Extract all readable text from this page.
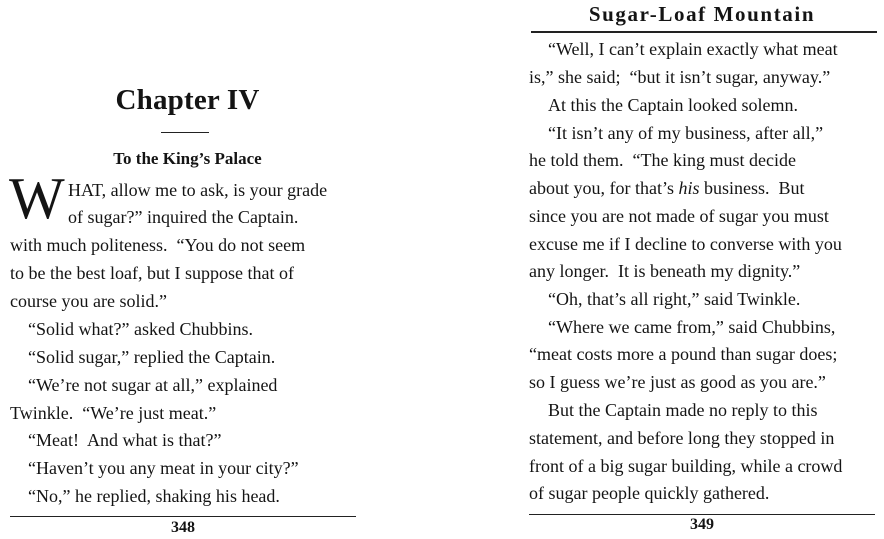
Chapter IV
To the King’s Palace
W HAT, allow me to ask, is your grade
of sugar?” inquired the Captain.
with much politeness.  “You do not seem
to be the best loaf, but I suppose that of
course you are solid.”
“Solid what?” asked Chubbins.
“Solid sugar,” replied the Captain.
“We’re not sugar at all,” explained
Twinkle.  “We’re just meat.”
“Meat!  And what is that?”
“Haven’t you any meat in your city?”
“No,” he replied, shaking his head.
348
Sugar-Loaf Mountain
“Well, I can’t explain exactly what meat
is,” she said;  “but it isn’t sugar, anyway.”
At this the Captain looked solemn.
“It isn’t any of my business, after all,”
he told them.  “The king must decide
about you, for that’s his business.  But
since you are not made of sugar you must
excuse me if I decline to converse with you
any longer.  It is beneath my dignity.”
“Oh, that’s all right,” said Twinkle.
“Where we came from,” said Chubbins,
“meat costs more a pound than sugar does;
so I guess we’re just as good as you are.”
But the Captain made no reply to this
statement, and before long they stopped in
front of a big sugar building, while a crowd
of sugar people quickly gathered.
349
